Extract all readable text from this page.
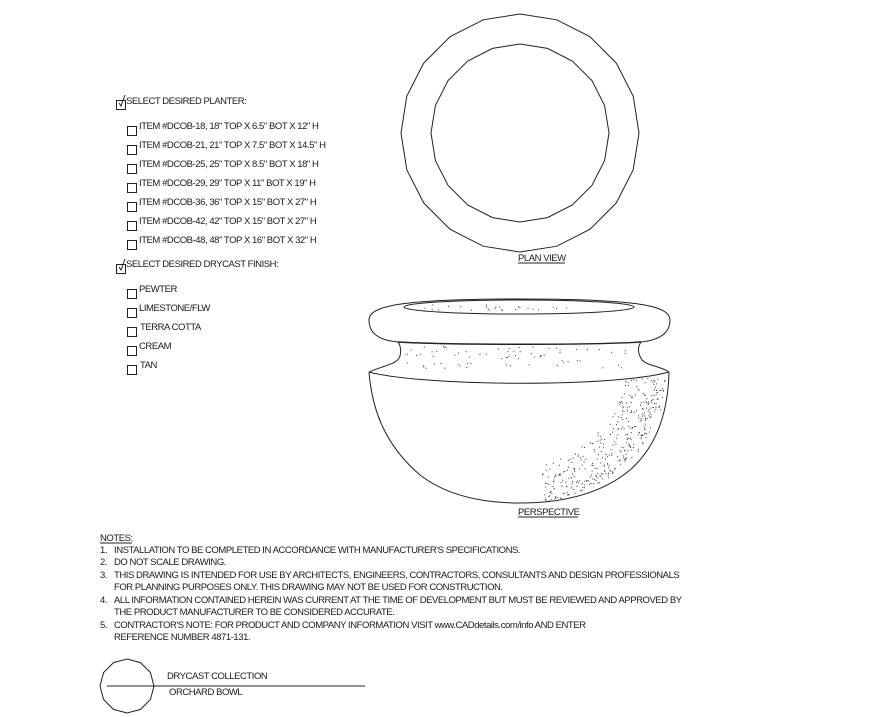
SELECT DESIRED PLANTER:
ITEM #DCOB-18, 18" TOP X 6.5" BOT X 12" H
ITEM #DCOB-21, 21" TOP X 7.5" BOT X 14.5" H
ITEM #DCOB-25, 25" TOP X 8.5" BOT X 18" H
ITEM #DCOB-29, 29" TOP X 11" BOT X 19" H
ITEM #DCOB-36, 36" TOP X 15" BOT X 27" H
ITEM #DCOB-42, 42" TOP X 15" BOT X 27" H
ITEM #DCOB-48, 48" TOP X 16" BOT X 32" H
SELECT DESIRED DRYCAST FINISH:
PEWTER
LIMESTONE/FLW
TERRA COTTA
CREAM
TAN
PLAN VIEW
PERSPECTIVE
NOTES:
1. INSTALLATION TO BE COMPLETED IN ACCORDANCE WITH MANUFACTURER'S SPECIFICATIONS.
2. DO NOT SCALE DRAWING.
3. THIS DRAWING IS INTENDED FOR USE BY ARCHITECTS, ENGINEERS, CONTRACTORS, CONSULTANTS AND DESIGN PROFESSIONALS
FOR PLANNING PURPOSES ONLY. THIS DRAWING MAY NOT BE USED FOR CONSTRUCTION.
4. ALL INFORMATION CONTAINED HEREIN WAS CURRENT AT THE TIME OF DEVELOPMENT BUT MUST BE REVIEWED AND APPROVED BY
THE PRODUCT MANUFACTURER TO BE CONSIDERED ACCURATE.
5. CONTRACTOR'S NOTE: FOR PRODUCT AND COMPANY INFORMATION VISIT www.CADdetails.com/info AND ENTER
REFERENCE NUMBER 4871-131.
DRYCAST COLLECTION
ORCHARD BOWL
